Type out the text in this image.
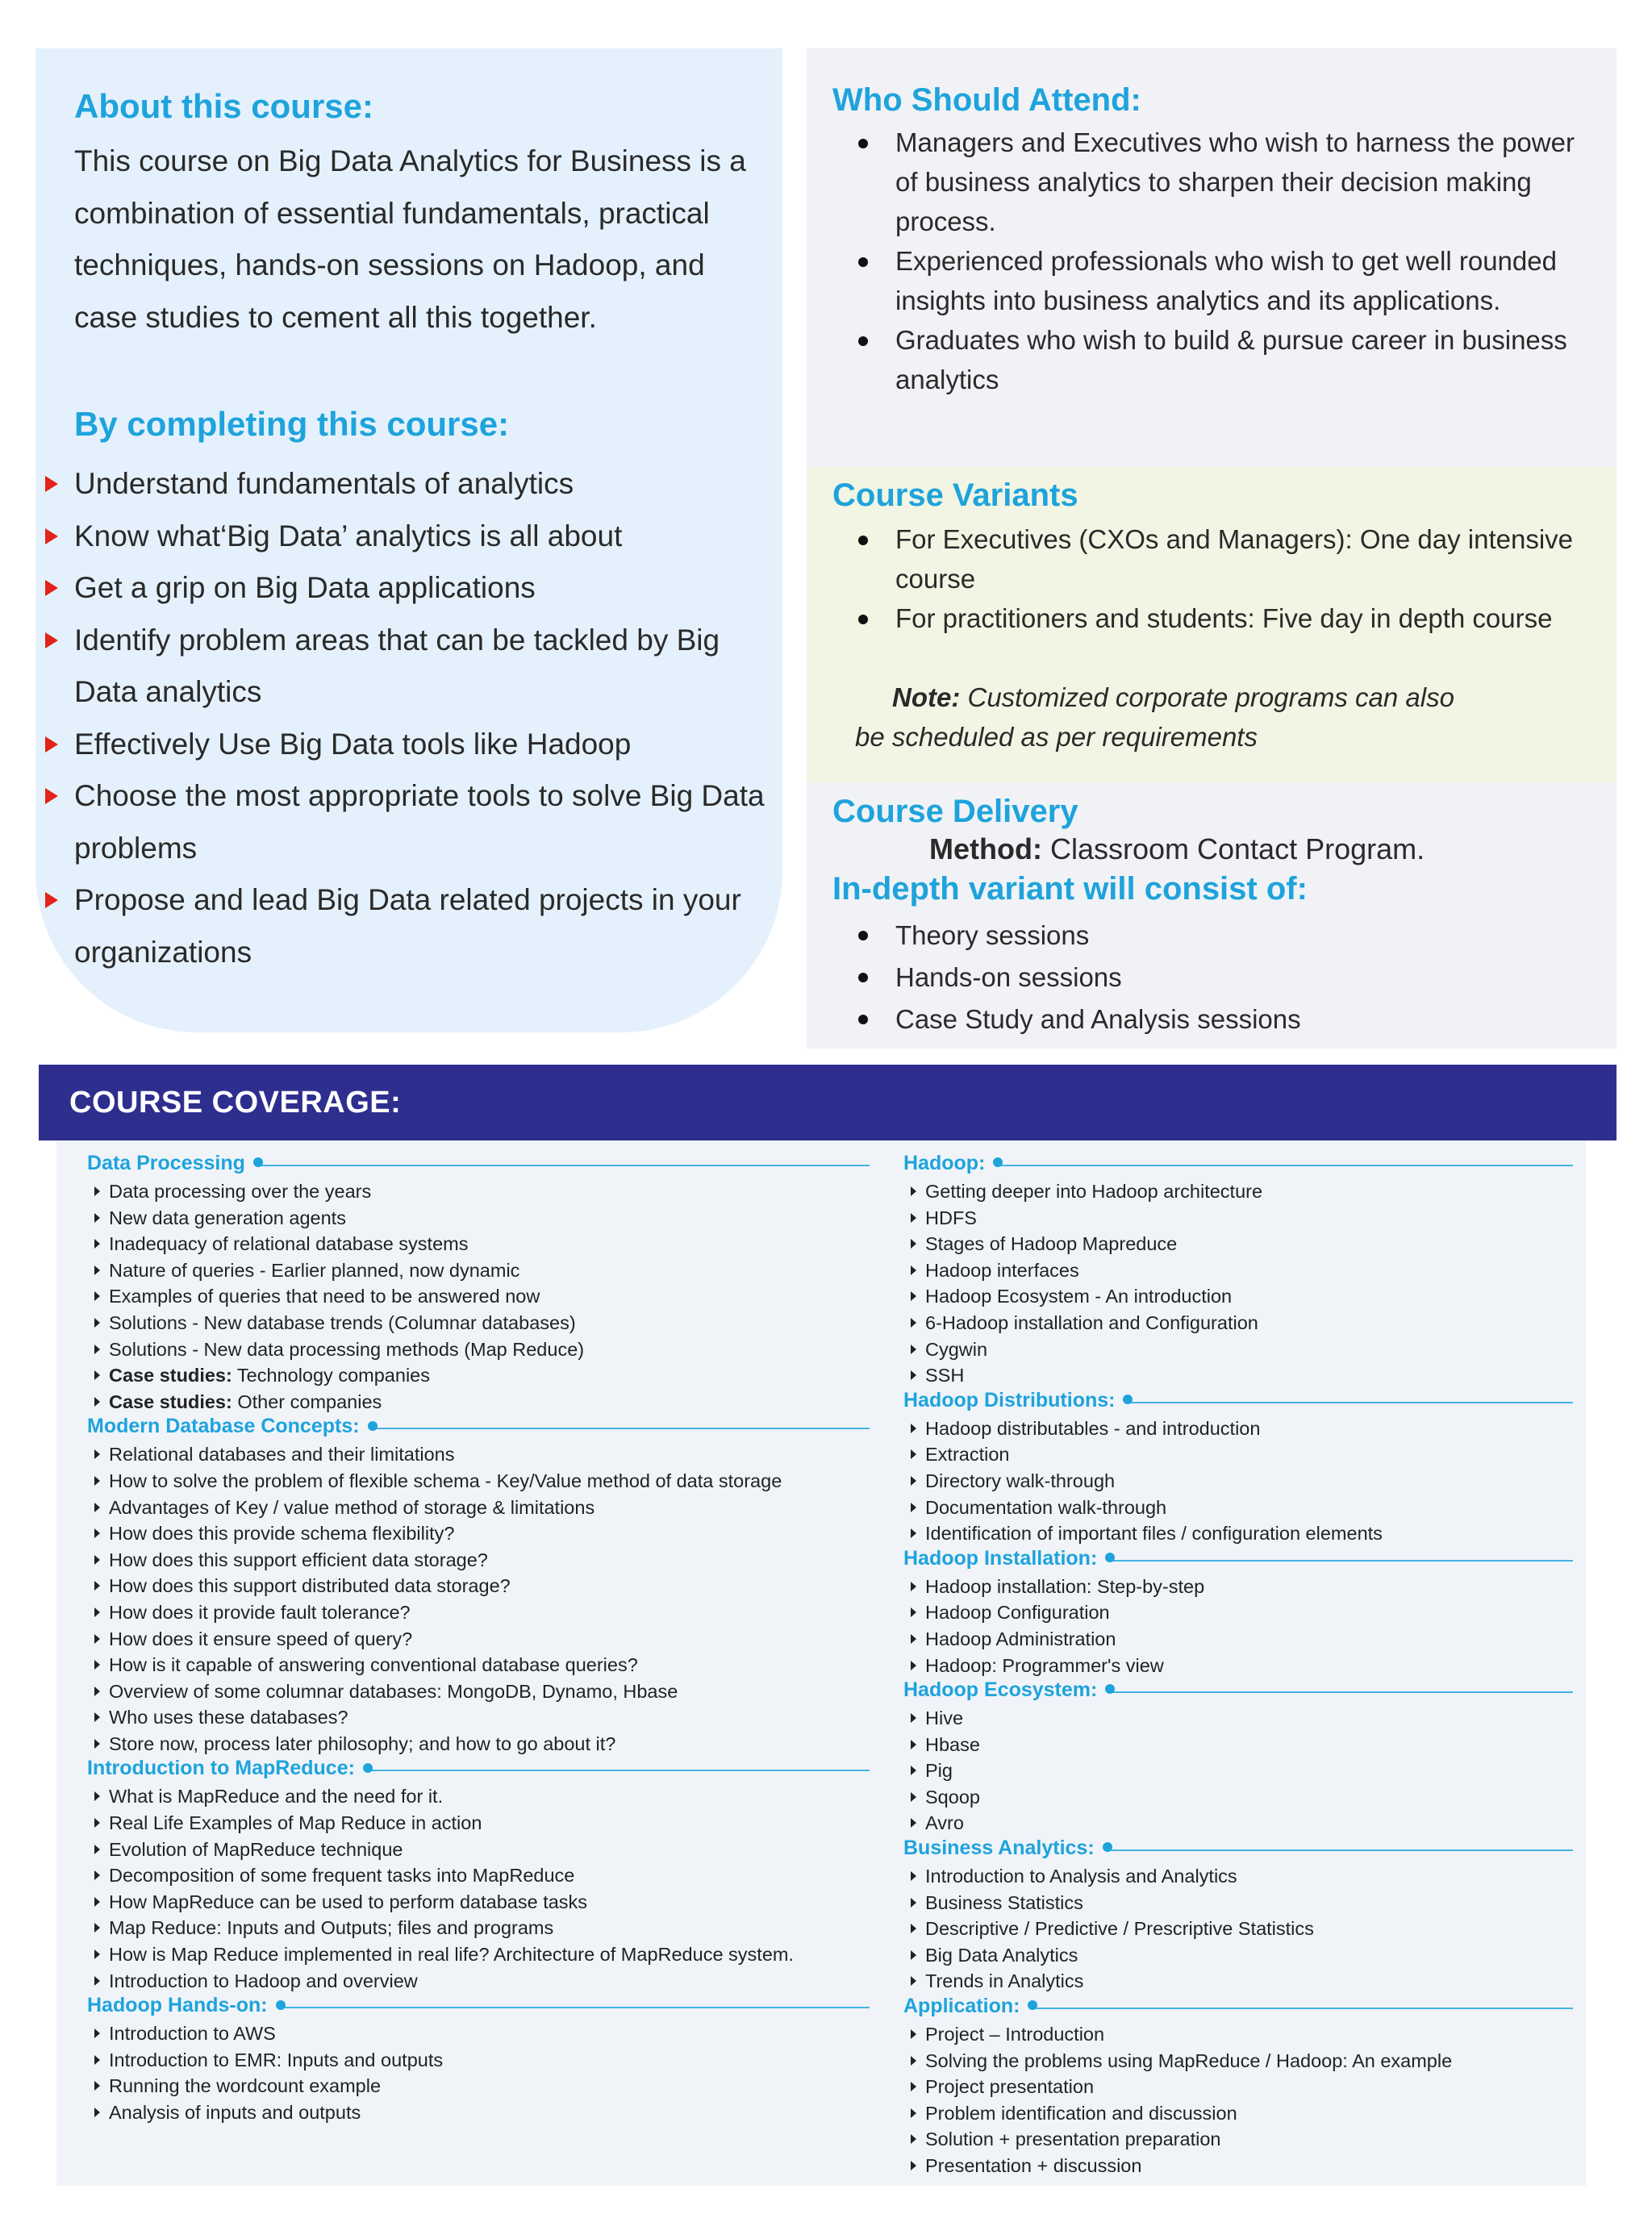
About this course:

This course on Big Data Analytics for Business is a combination of essential fundamentals, practical techniques, hands-on sessions on Hadoop, and case studies to cement all this together.

By completing this course:
Understand fundamentals of analytics
Know what‘Big Data’ analytics is all about
Get a grip on Big Data applications
Identify problem areas that can be tackled by Big Data analytics
Effectively Use Big Data tools like Hadoop
Choose the most appropriate tools to solve Big Data problems
Propose and lead Big Data related projects in your organizations
Who Should Attend:
Managers and Executives who wish to harness the power of business analytics to sharpen their decision making process.
Experienced professionals who wish to get well rounded insights into business analytics and its applications.
Graduates who wish to build & pursue career in business analytics
Course Variants
For Executives (CXOs and Managers): One day intensive course
For practitioners and students: Five day in depth course
Note: Customized corporate programs can also
be scheduled as per requirements
Course Delivery
Method: Classroom Contact Program.
In-depth variant will consist of:
Theory sessions
Hands-on sessions
Case Study and Analysis sessions
COURSE COVERAGE:
Data Processing
Data processing over the years
New data generation agents
Inadequacy of relational database systems
Nature of queries - Earlier planned, now dynamic
Examples of queries that need to be answered now
Solutions - New database trends (Columnar databases)
Solutions - New data processing methods (Map Reduce)
Case studies: Technology companies
Case studies: Other companies
Modern Database Concepts:
Relational databases and their limitations
How to solve the problem of flexible schema - Key/Value method of data storage
Advantages of Key / value method of storage & limitations
How does this provide schema flexibility?
How does this support efficient data storage?
How does this support distributed data storage?
How does it provide fault tolerance?
How does it ensure speed of query?
How is it capable of answering conventional database queries?
Overview of some columnar databases: MongoDB, Dynamo, Hbase
Who uses these databases?
Store now, process later philosophy; and how to go about it?
Introduction to MapReduce:
What is MapReduce and the need for it.
Real Life Examples of Map Reduce in action
Evolution of MapReduce technique
Decomposition of some frequent tasks into MapReduce
How MapReduce can be used to perform database tasks
Map Reduce: Inputs and Outputs; files and programs
How is Map Reduce implemented in real life? Architecture of MapReduce system.
Introduction to Hadoop and overview
Hadoop Hands-on:
Introduction to AWS
Introduction to EMR: Inputs and outputs
Running the wordcount example
Analysis of inputs and outputs
Hadoop:
Getting deeper into Hadoop architecture
HDFS
Stages of Hadoop Mapreduce
Hadoop interfaces
Hadoop Ecosystem - An introduction
6-Hadoop installation and Configuration
Cygwin
SSH
Hadoop Distributions:
Hadoop distributables - and introduction
Extraction
Directory walk-through
Documentation walk-through
Identification of important files / configuration elements
Hadoop Installation:
Hadoop installation: Step-by-step
Hadoop Configuration
Hadoop Administration
Hadoop: Programmer's view
Hadoop Ecosystem:
Hive
Hbase
Pig
Sqoop
Avro
Business Analytics:
Introduction to Analysis and Analytics
Business Statistics
Descriptive / Predictive / Prescriptive Statistics
Big Data Analytics
Trends in Analytics
Application:
Project – Introduction
Solving the problems using MapReduce / Hadoop: An example
Project presentation
Problem identification and discussion
Solution + presentation preparation
Presentation + discussion
